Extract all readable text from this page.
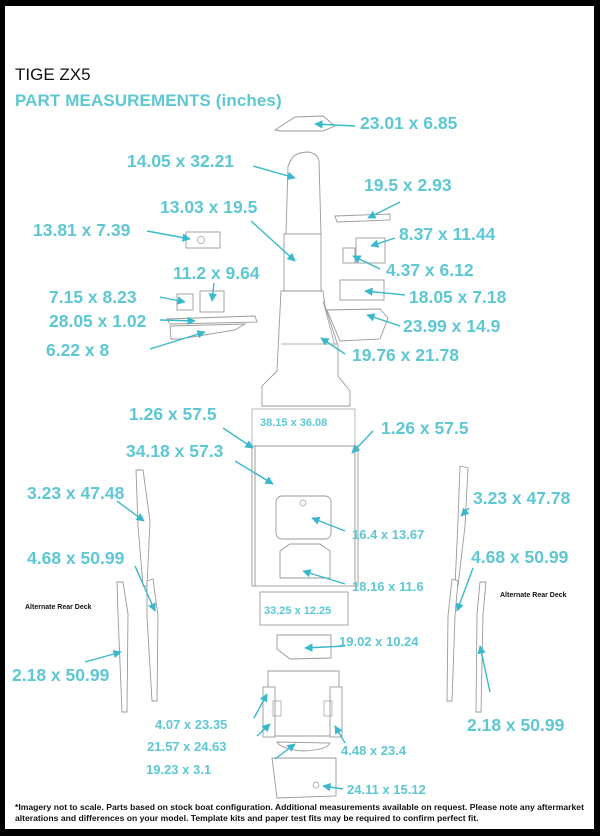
TIGE ZX5
PART MEASUREMENTS (inches)
23.01 x 6.85
14.05 x 32.21
19.5 x 2.93
13.03 x 19.5
13.81 x 7.39	8.37 x 11.44
4.37 x 6.12
11.2 x 9.64
7.15 x 8.23	18.05 x 7.18
28.05 x 1.02	23.99 x 14.9
6.22 x 8	19.76 x 21.78
1.26 x 57.5
1.26 x 57.5
38.15 x 36.08
34.18 x 57.3
3.23 x 47.48	3.23 x 47.78
16.4 x 13.67
4.68 x 50.99	4.68 x 50.99
18.16 x 11.6
33.25 x 12.25
19.02 x 10.24
2.18 x 50.99
2.18 x 50.99
4.07 x 23.35
21.57 x 24.63	4.48 x 23.4
19.23 x 3.1
24.11 x 15.12
Alternate Rear Deck
Alternate Rear Deck
*Imagery not to scale. Parts based on stock boat configuration. Additional measurements available on request. Please note any aftermarket alterations and differences on your model. Template kits and paper test fits may be required to confirm perfect fit.
